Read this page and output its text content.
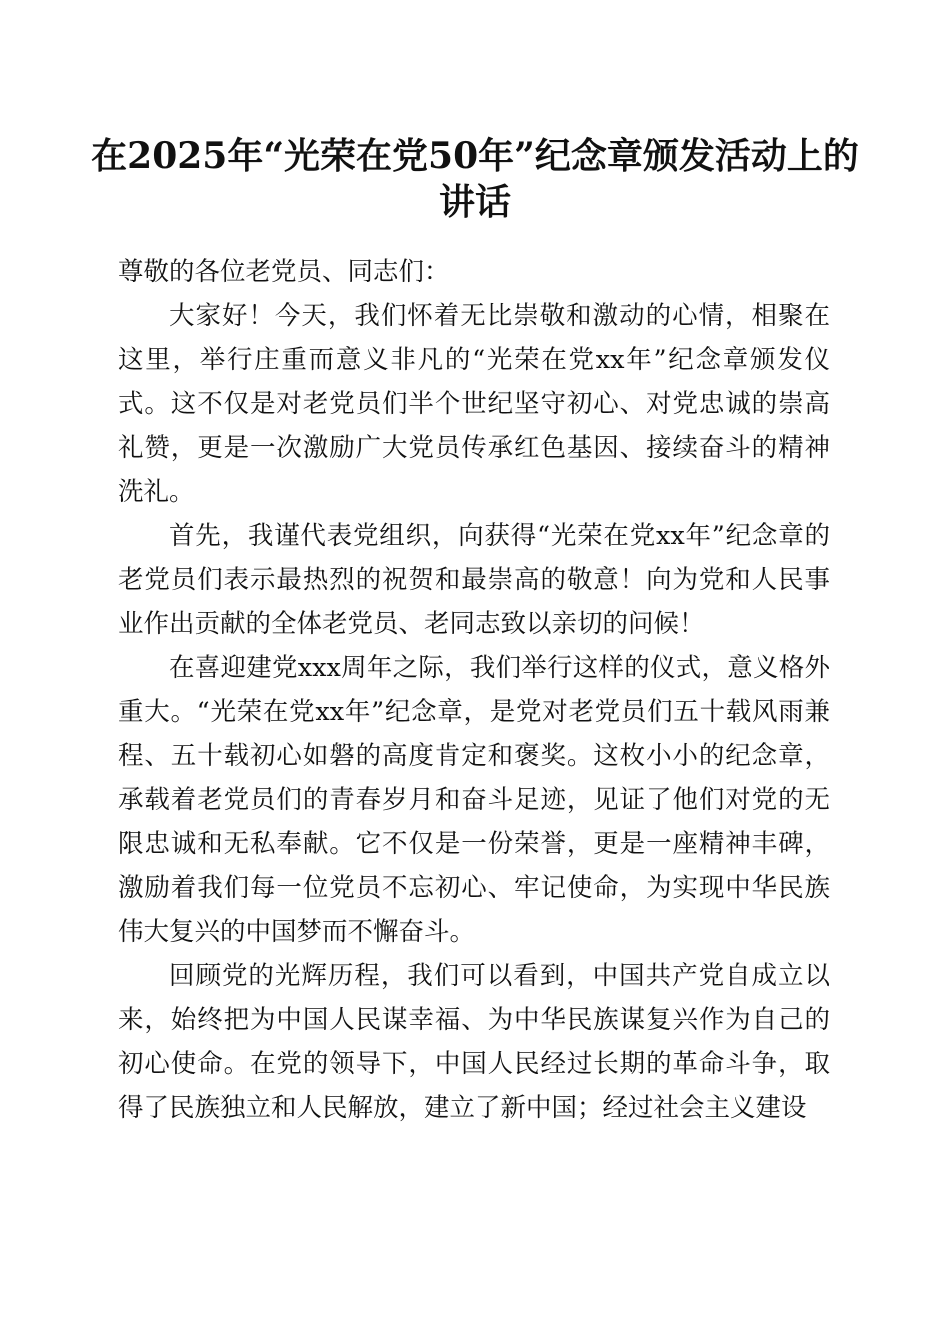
在2025年“光荣在党50年”纪念章颁发活动上的讲话

尊敬的各位老党员、同志们：

大家好！今天，我们怀着无比崇敬和激动的心情，相聚在这里，举行庄重而意义非凡的“光荣在党xx年”纪念章颁发仪式。这不仅是对老党员们半个世纪坚守初心、对党忠诚的崇高礼赞，更是一次激励广大党员传承红色基因、接续奋斗的精神洗礼。

首先，我谨代表党组织，向获得“光荣在党xx年”纪念章的老党员们表示最热烈的祝贺和最崇高的敬意！向为党和人民事业作出贡献的全体老党员、老同志致以亲切的问候！

在喜迎建党xxx周年之际，我们举行这样的仪式，意义格外重大。“光荣在党xx年”纪念章，是党对老党员们五十载风雨兼程、五十载初心如磐的高度肯定和褒奖。这枚小小的纪念章，承载着老党员们的青春岁月和奋斗足迹，见证了他们对党的无限忠诚和无私奉献。它不仅是一份荣誉，更是一座精神丰碑，激励着我们每一位党员不忘初心、牢记使命，为实现中华民族伟大复兴的中国梦而不懈奋斗。

回顾党的光辉历程，我们可以看到，中国共产党自成立以来，始终把为中国人民谋幸福、为中华民族谋复兴作为自己的初心使命。在党的领导下，中国人民经过长期的革命斗争，取得了民族独立和人民解放，建立了新中国；经过社会主义建设
